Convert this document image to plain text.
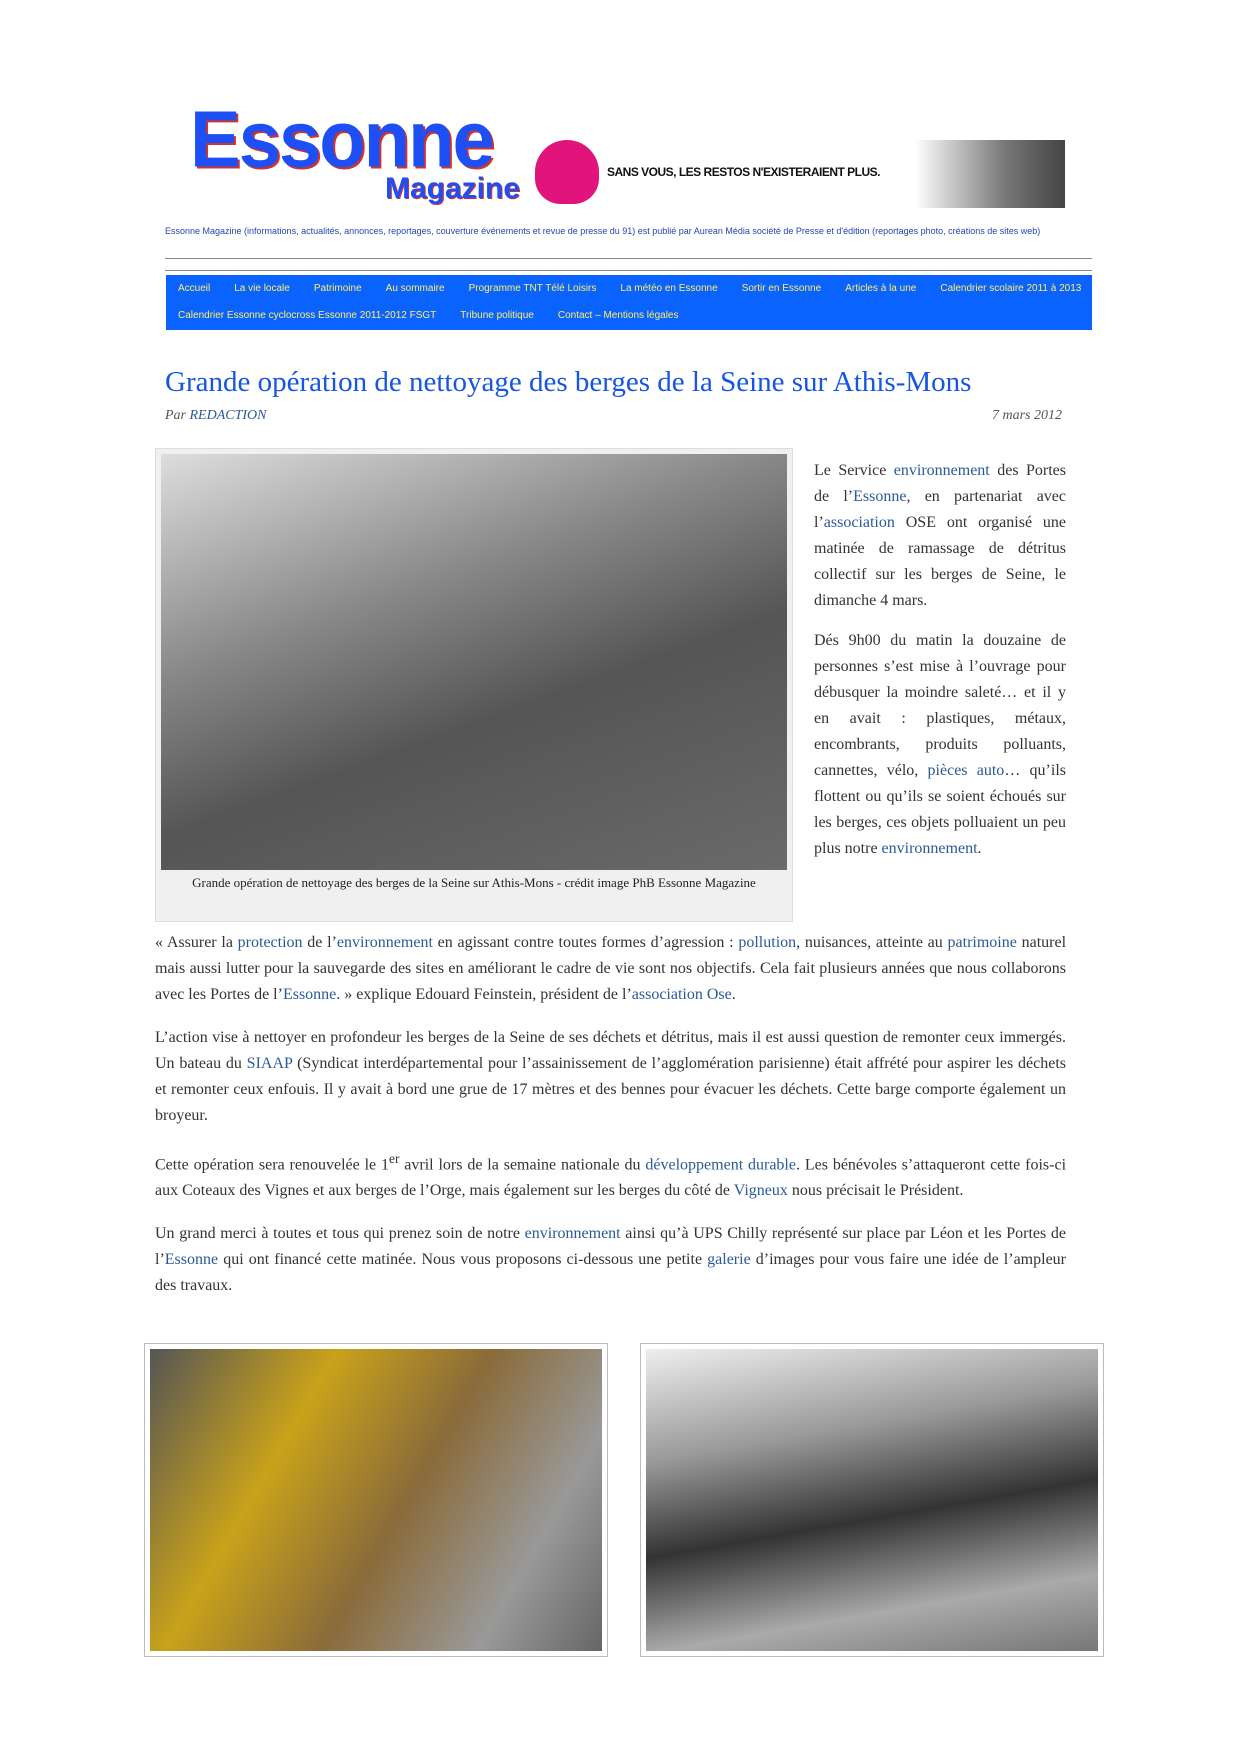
Essonne
Magazine	SANS VOUS, LES RESTOS N'EXISTERAIENT PLUS.
Essonne Magazine (informations, actualités, annonces, reportages, couverture événements et revue de presse du 91) est publié par Aurean Média société de Presse et d'édition (reportages photo, créations de sites web)
Accueil La vie locale Patrimoine Au sommaire Programme TNT Télé Loisirs La météo en Essonne Sortir en Essonne Articles à la une Calendrier scolaire 2011 à 2013
Calendrier Essonne cyclocross Essonne 2011-2012 FSGT Tribune politique Contact – Mentions légales
Grande opération de nettoyage des berges de la Seine sur Athis-Mons
Par REDACTION	7 mars 2012
Grande opération de nettoyage des berges de la Seine sur Athis-Mons - crédit image PhB Essonne Magazine

Le Service environnement des Portes de l’Essonne, en partenariat avec l’association OSE ont organisé une matinée de ramassage de détritus collectif sur les berges de Seine, le dimanche 4 mars.

Dés 9h00 du matin la douzaine de personnes s’est mise à l’ouvrage pour débusquer la moindre saleté… et il y en avait : plastiques, métaux, encombrants, produits polluants, cannettes, vélo, pièces auto… qu’ils flottent ou qu’ils se soient échoués sur les berges, ces objets polluaient un peu plus notre environnement.

« Assurer la protection de l’environnement en agissant contre toutes formes d’agression : pollution, nuisances, atteinte au patrimoine naturel mais aussi lutter pour la sauvegarde des sites en améliorant le cadre de vie sont nos objectifs. Cela fait plusieurs années que nous collaborons avec les Portes de l’Essonne. » explique Edouard Feinstein, président de l’association Ose.

L’action vise à nettoyer en profondeur les berges de la Seine de ses déchets et détritus, mais il est aussi question de remonter ceux immergés. Un bateau du SIAAP (Syndicat interdépartemental pour l’assainissement de l’agglomération parisienne) était affrété pour aspirer les déchets et remonter ceux enfouis. Il y avait à bord une grue de 17 mètres et des bennes pour évacuer les déchets. Cette barge comporte également un broyeur.

Cette opération sera renouvelée le 1er avril lors de la semaine nationale du développement durable. Les bénévoles s’attaqueront cette fois-ci aux Coteaux des Vignes et aux berges de l’Orge, mais également sur les berges du côté de Vigneux nous précisait le Président.

Un grand merci à toutes et tous qui prenez soin de notre environnement ainsi qu’à UPS Chilly représenté sur place par Léon et les Portes de l’Essonne qui ont financé cette matinée. Nous vous proposons ci-dessous une petite galerie d’images pour vous faire une idée de l’ampleur des travaux.
